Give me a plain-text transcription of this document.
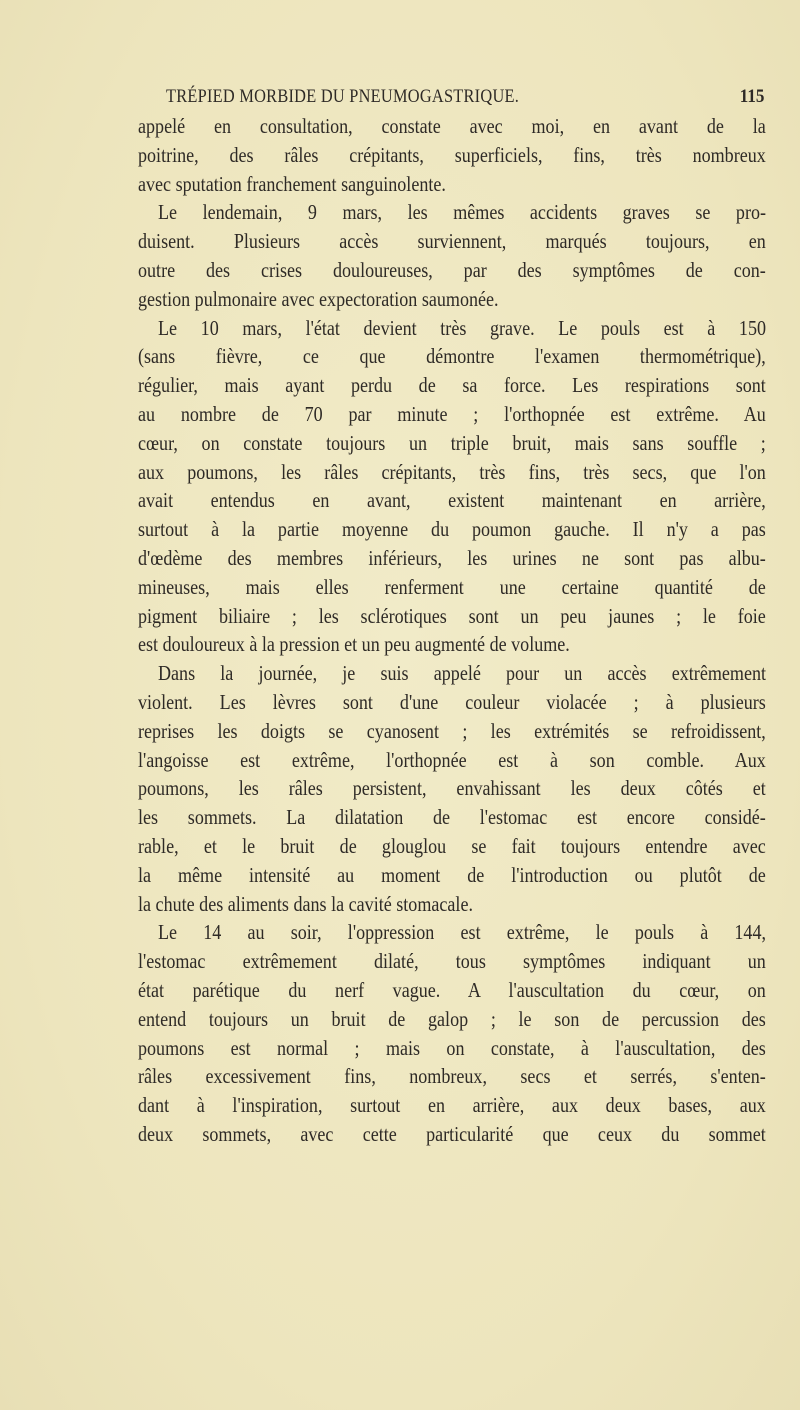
TRÉPIED MORBIDE DU PNEUMOGASTRIQUE.	115
appelé en consultation, constate avec moi, en avant de la
poitrine, des râles crépitants, superficiels, fins, très nombreux
avec sputation franchement sanguinolente.
Le lendemain, 9 mars, les mêmes accidents graves se pro-
duisent. Plusieurs accès surviennent, marqués toujours, en
outre des crises douloureuses, par des symptômes de con-
gestion pulmonaire avec expectoration saumonée.
Le 10 mars, l'état devient très grave. Le pouls est à 150
(sans fièvre, ce que démontre l'examen thermométrique),
régulier, mais ayant perdu de sa force. Les respirations sont
au nombre de 70 par minute ; l'orthopnée est extrême. Au
cœur, on constate toujours un triple bruit, mais sans souffle ;
aux poumons, les râles crépitants, très fins, très secs, que l'on
avait entendus en avant, existent maintenant en arrière,
surtout à la partie moyenne du poumon gauche. Il n'y a pas
d'œdème des membres inférieurs, les urines ne sont pas albu-
mineuses, mais elles renferment une certaine quantité de
pigment biliaire ; les sclérotiques sont un peu jaunes ; le foie
est douloureux à la pression et un peu augmenté de volume.
Dans la journée, je suis appelé pour un accès extrêmement
violent. Les lèvres sont d'une couleur violacée ; à plusieurs
reprises les doigts se cyanosent ; les extrémités se refroidissent,
l'angoisse est extrême, l'orthopnée est à son comble. Aux
poumons, les râles persistent, envahissant les deux côtés et
les sommets. La dilatation de l'estomac est encore considé-
rable, et le bruit de glouglou se fait toujours entendre avec
la même intensité au moment de l'introduction ou plutôt de
la chute des aliments dans la cavité stomacale.
Le 14 au soir, l'oppression est extrême, le pouls à 144,
l'estomac extrêmement dilaté, tous symptômes indiquant un
état parétique du nerf vague. A l'auscultation du cœur, on
entend toujours un bruit de galop ; le son de percussion des
poumons est normal ; mais on constate, à l'auscultation, des
râles excessivement fins, nombreux, secs et serrés, s'enten-
dant à l'inspiration, surtout en arrière, aux deux bases, aux
deux sommets, avec cette particularité que ceux du sommet
